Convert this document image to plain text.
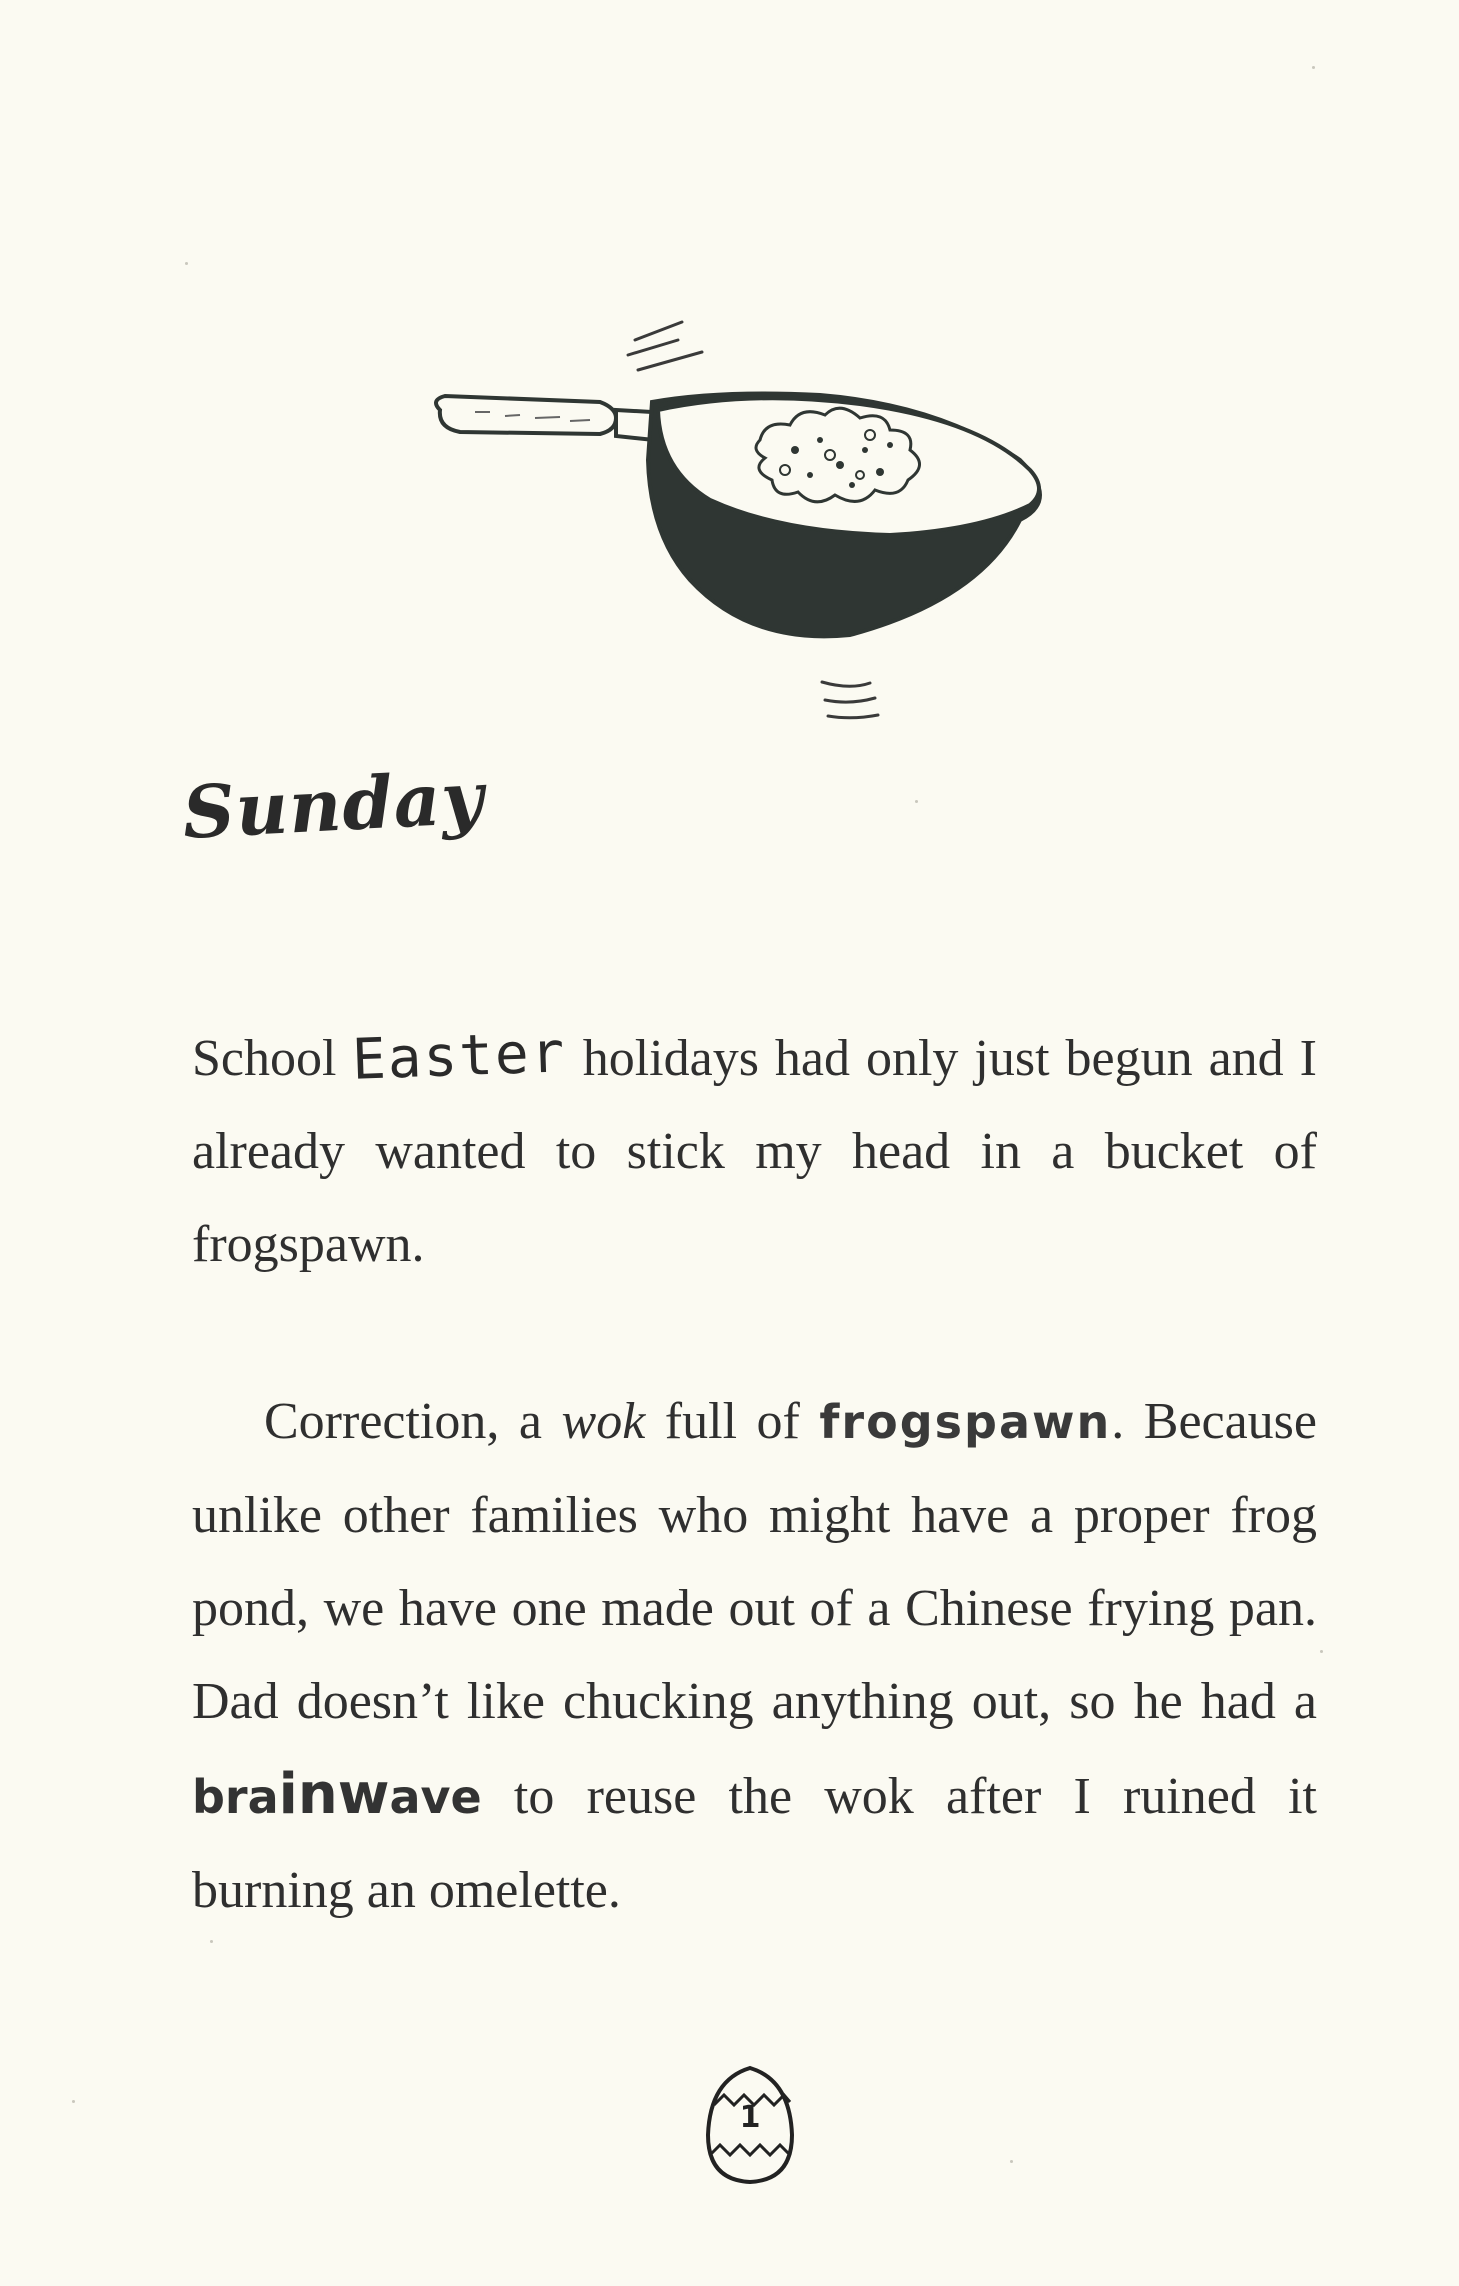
Sunday

School Easter holidays had only just begun and I already wanted to stick my head in a bucket of frogspawn.

Correction, a wok full of frogspawn. Because unlike other families who might have a proper frog pond, we have one made out of a Chinese frying pan. Dad doesn’t like chucking anything out, so he had a brainwave to reuse the wok after I ruined it burning an omelette.

1
